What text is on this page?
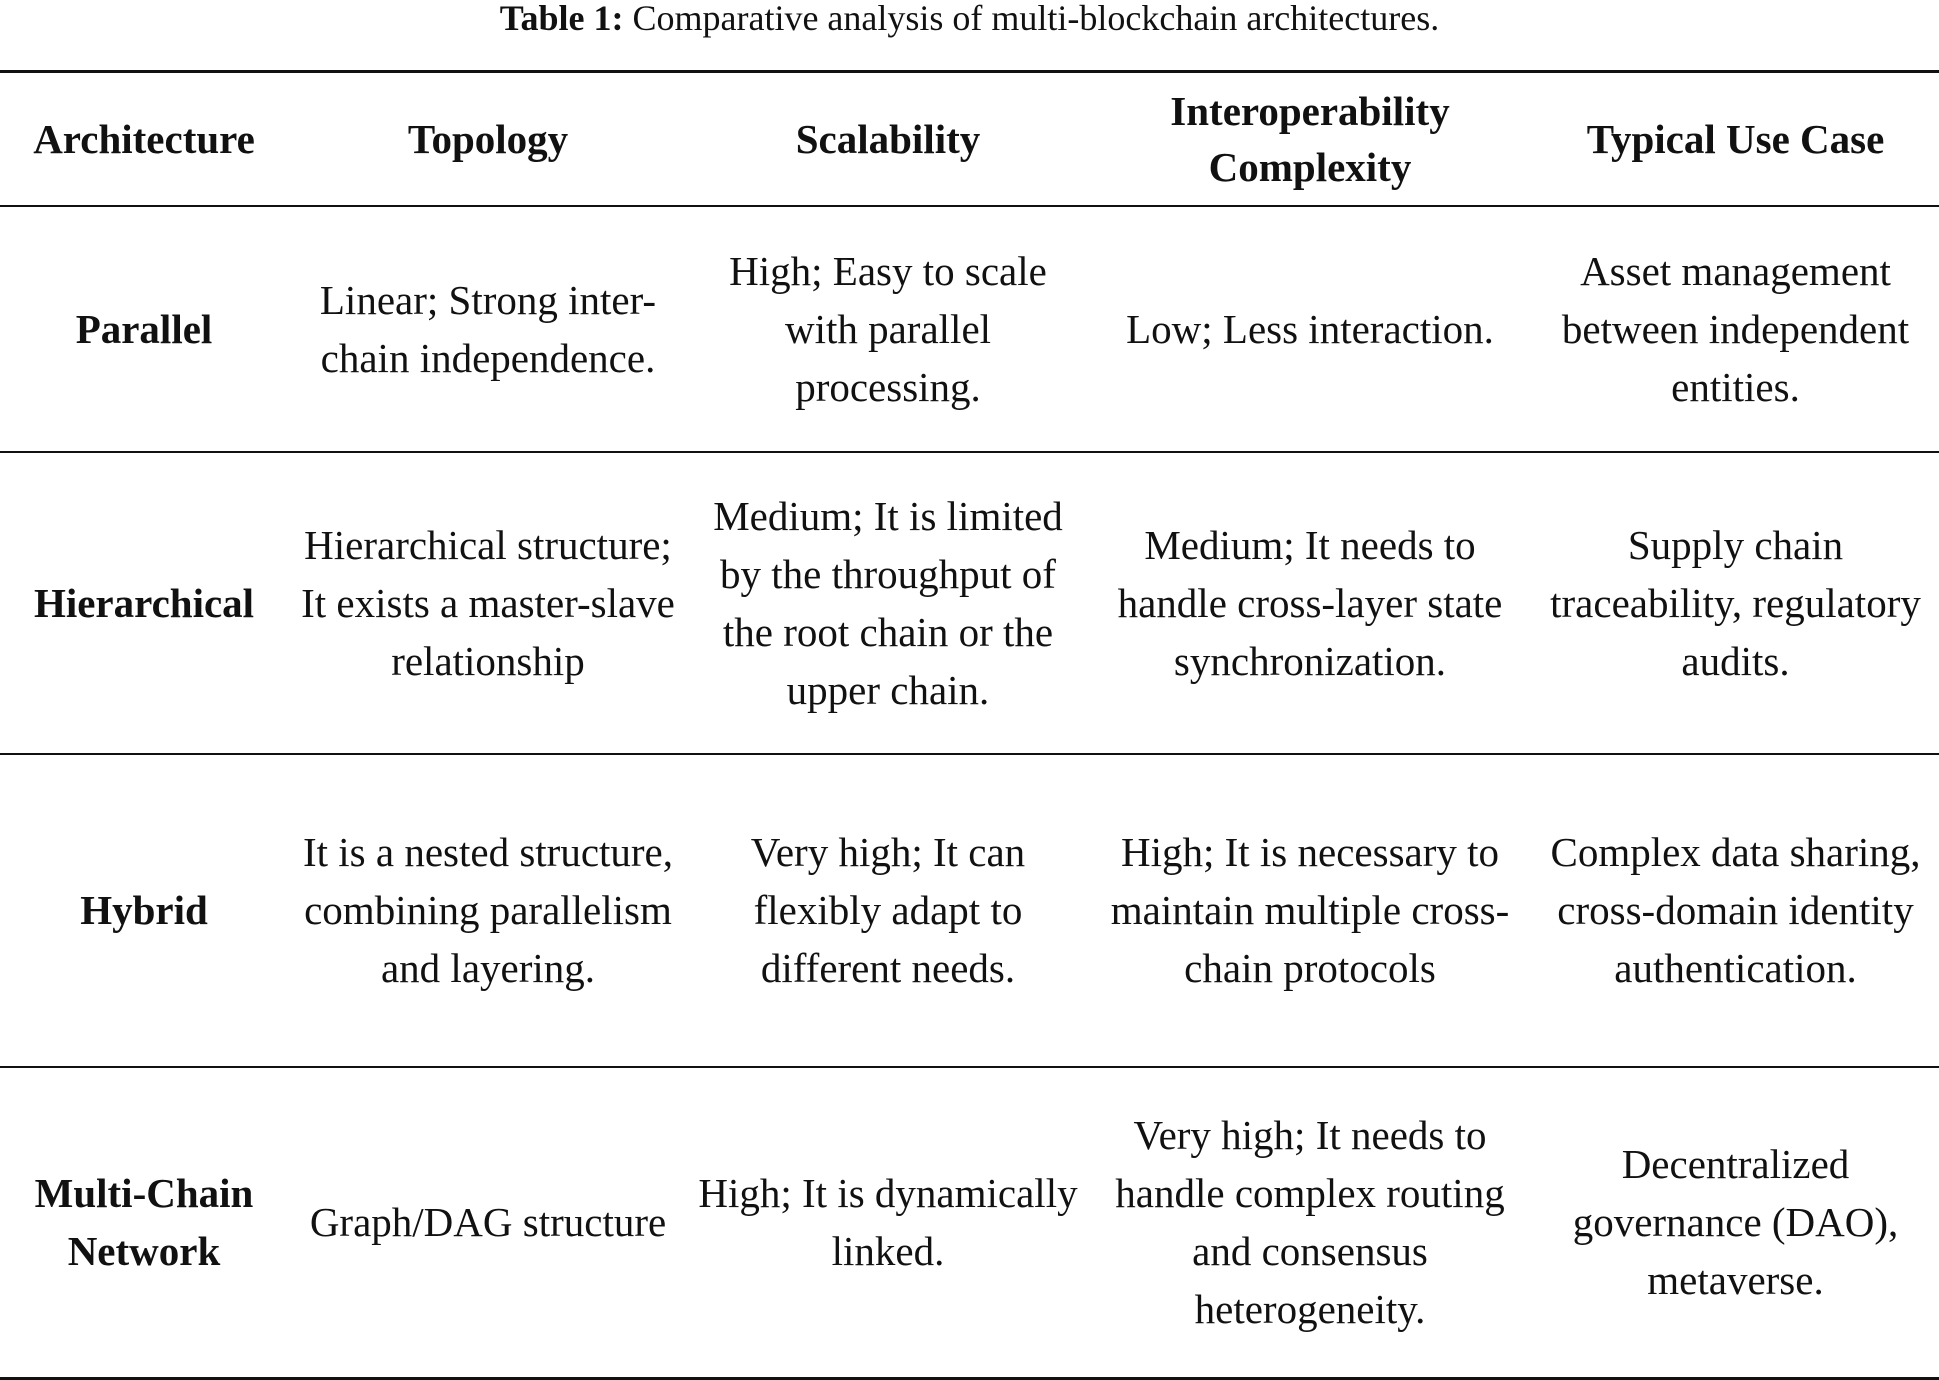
Table 1: Comparative analysis of multi-blockchain architectures.
Architecture	Topology	Scalability	Interoperability Complexity	Typical Use Case
Parallel	Linear; Strong inter-chain independence.	High; Easy to scale with parallel processing.	Low; Less interaction.	Asset management between independent entities.
Hierarchical	Hierarchical structure; It exists a master-slave relationship	Medium; It is limited by the throughput of the root chain or the upper chain.	Medium; It needs to handle cross-layer state synchronization.	Supply chain traceability, regulatory audits.
Hybrid	It is a nested structure, combining parallelism and layering.	Very high; It can flexibly adapt to different needs.	High; It is necessary to maintain multiple cross-chain protocols	Complex data sharing, cross-domain identity authentication.
Multi-Chain Network	Graph/DAG structure	High; It is dynamically linked.	Very high; It needs to handle complex routing and consensus heterogeneity.	Decentralized governance (DAO), metaverse.
